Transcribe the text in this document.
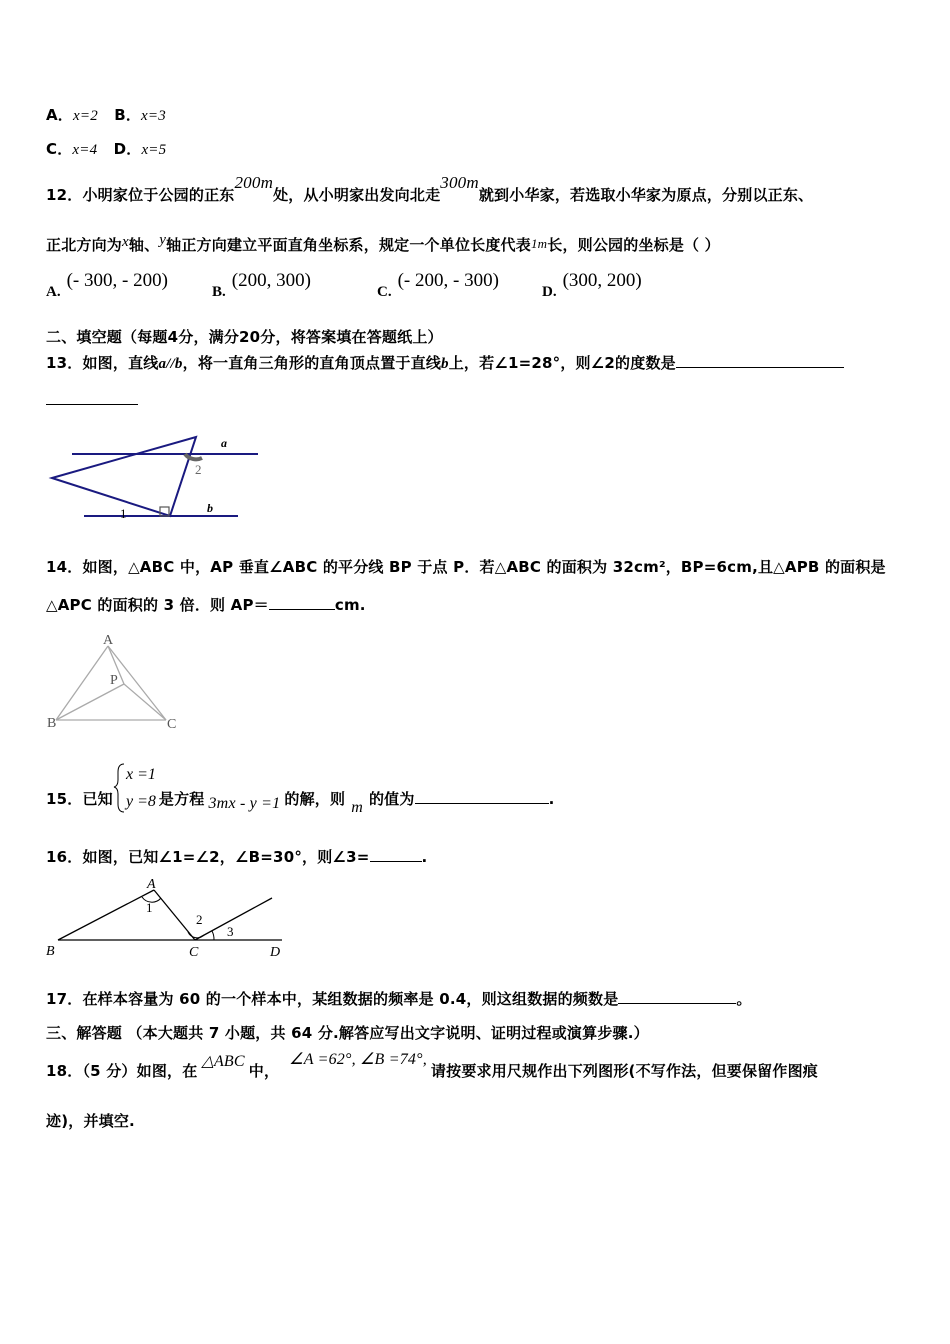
A．x=2 B．x=3
C．x=4 D．x=5
12．小明家位于公园的正东200m处，从小明家出发向北走300m就到小华家，若选取小华家为原点，分别以正东、
正北方向为x轴、y轴正方向建立平面直角坐标系，规定一个单位长度代表1m长，则公园的坐标是（ ）
A.(- 300, - 200)
B.(200, 300)
C.(- 200, - 300)
D.(300, 200)
二、填空题（每题4分，满分20分，将答案填在答题纸上）
13．如图，直线a//b，将一直角三角形的直角顶点置于直线b上，若∠1=28°，则∠2的度数是
a
b
2
1
14．如图，△ABC 中，AP 垂直∠ABC 的平分线 BP 于点 P．若△ABC 的面积为 32cm²，BP=6cm,且△APB 的面积是
△APC 的面积的 3 倍．则 AP＝	cm.
A
B	C
P
15．已知	是方程 3mx - y =1 的解，则 m 的值为	.
x =1
y =8
16．如图，已知∠1=∠2，∠B=30°，则∠3=	.
A
B	C	D
1
2
3
17．在样本容量为 60 的一个样本中，某组数据的频率是 0.4，则这组数据的频数是	。
三、解答题 （本大题共 7 小题，共 64 分.解答应写出文字说明、证明过程或演算步骤.）
18．（5 分）如图，在△ABC中，∠A =62°, ∠B =74°,请按要求用尺规作出下列图形(不写作法，但要保留作图痕
迹)，并填空.
